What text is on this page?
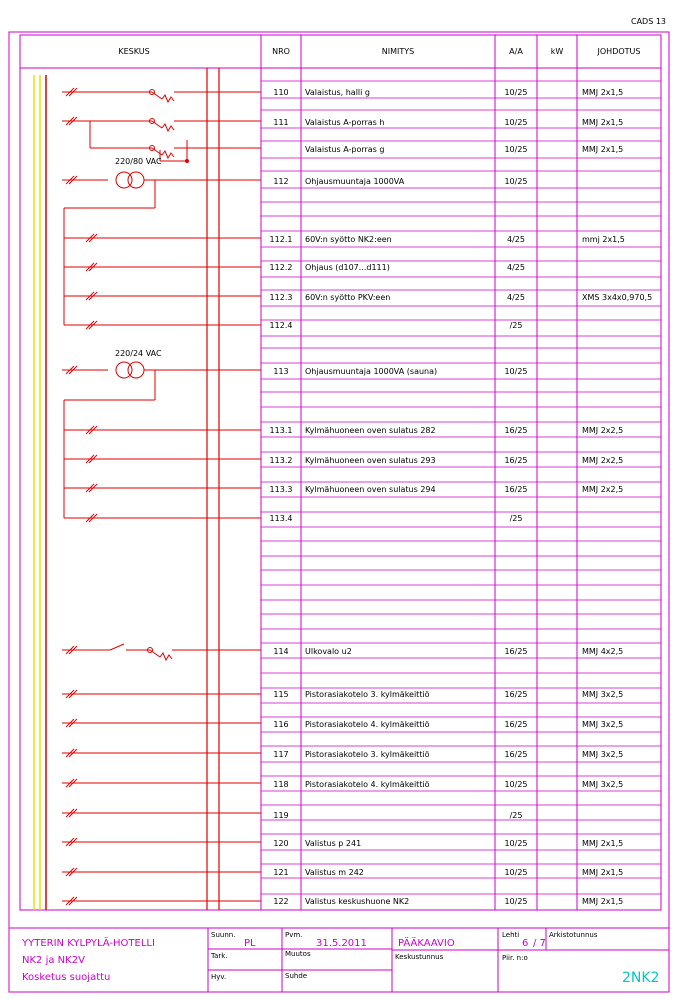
CADS 13
KESKUS	NRO	NIMITYS	A/A	kW	JOHDOTUS
110 Valaistus, halli g	10/25	MMJ 2x1,5
111 Valaistus A-porras h	10/25	MMJ 2x1,5
Valaistus A-porras g	10/25	MMJ 2x1,5
112 Ohjausmuuntaja 1000VA	10/25
112.1 60V:n syötto NK2:een	4/25	mmj 2x1,5
112.2 Ohjaus (d107...d111)	4/25
112.3 60V:n syötto PKV:een	4/25	XMS 3x4x0,970,5
112.4	/25
113 Ohjausmuuntaja 1000VA (sauna)	10/25
113.1 Kylmähuoneen oven sulatus 282	16/25	MMJ 2x2,5
113.2 Kylmähuoneen oven sulatus 293	16/25	MMJ 2x2,5
113.3 Kylmähuoneen oven sulatus 294	16/25	MMJ 2x2,5
113.4	/25
114 Ulkovalo u2	16/25	MMJ 4x2,5
115 Pistorasiakotelo 3. kylmäkeittiö	16/25	MMJ 3x2,5
116 Pistorasiakotelo 4. kylmäkeittiö	16/25	MMJ 3x2,5
117 Pistorasiakotelo 3. kylmäkeittiö	16/25	MMJ 3x2,5
118 Pistorasiakotelo 4. kylmäkeittiö	10/25	MMJ 3x2,5
119	/25
120 Valistus p 241	10/25	MMJ 2x1,5
121 Valistus m 242	10/25	MMJ 2x1,5
122 Valistus keskushuone NK2	10/25	MMJ 2x1,5
220/80 VAC
220/24 VAC
YYTERIN KYLPYLÄ-HOTELLI
NK2 ja NK2V
Kosketus suojattu
Suunn.
PL
Pvm.
31.5.2011
Tark.	Muutos
Hyv.	Suhde
PÄÄKAAVIO
Keskustunnus
Lehti
6 / 7
Arkistotunnus
Piir. n:o
2NK2
